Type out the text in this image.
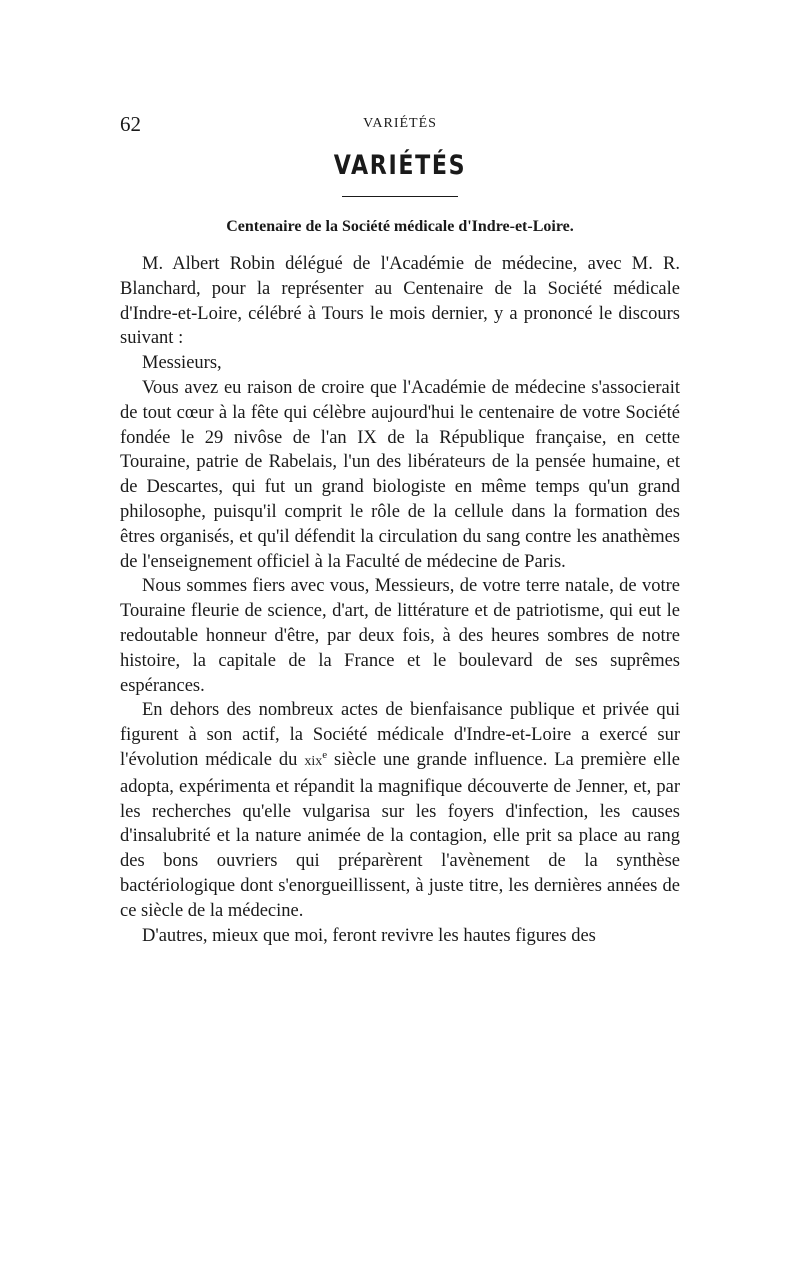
62	VARIÉTÉS
VARIÉTÉS
Centenaire de la Société médicale d'Indre-et-Loire.

M. Albert Robin délégué de l'Académie de médecine, avec M. R. Blanchard, pour la représenter au Centenaire de la Société médicale d'Indre-et-Loire, célébré à Tours le mois dernier, y a prononcé le discours suivant :

Messieurs,

Vous avez eu raison de croire que l'Académie de médecine s'associerait de tout cœur à la fête qui célèbre aujourd'hui le centenaire de votre Société fondée le 29 nivôse de l'an IX de la République française, en cette Touraine, patrie de Rabelais, l'un des libérateurs de la pensée humaine, et de Descartes, qui fut un grand biologiste en même temps qu'un grand philosophe, puisqu'il comprit le rôle de la cellule dans la formation des êtres organisés, et qu'il défendit la circulation du sang contre les anathèmes de l'enseignement officiel à la Faculté de médecine de Paris.

Nous sommes fiers avec vous, Messieurs, de votre terre natale, de votre Touraine fleurie de science, d'art, de littérature et de patriotisme, qui eut le redoutable honneur d'être, par deux fois, à des heures sombres de notre histoire, la capitale de la France et le boulevard de ses suprêmes espérances.

En dehors des nombreux actes de bienfaisance publique et privée qui figurent à son actif, la Société médicale d'Indre-et-Loire a exercé sur l'évolution médicale du xix$^e$ siècle une grande influence. La première elle adopta, expérimenta et répandit la magnifique découverte de Jenner, et, par les recherches qu'elle vulgarisa sur les foyers d'infection, les causes d'insalubrité et la nature animée de la contagion, elle prit sa place au rang des bons ouvriers qui préparèrent l'avènement de la synthèse bactériologique dont s'enorgueillissent, à juste titre, les dernières années de ce siècle de la médecine.

D'autres, mieux que moi, feront revivre les hautes figures des
